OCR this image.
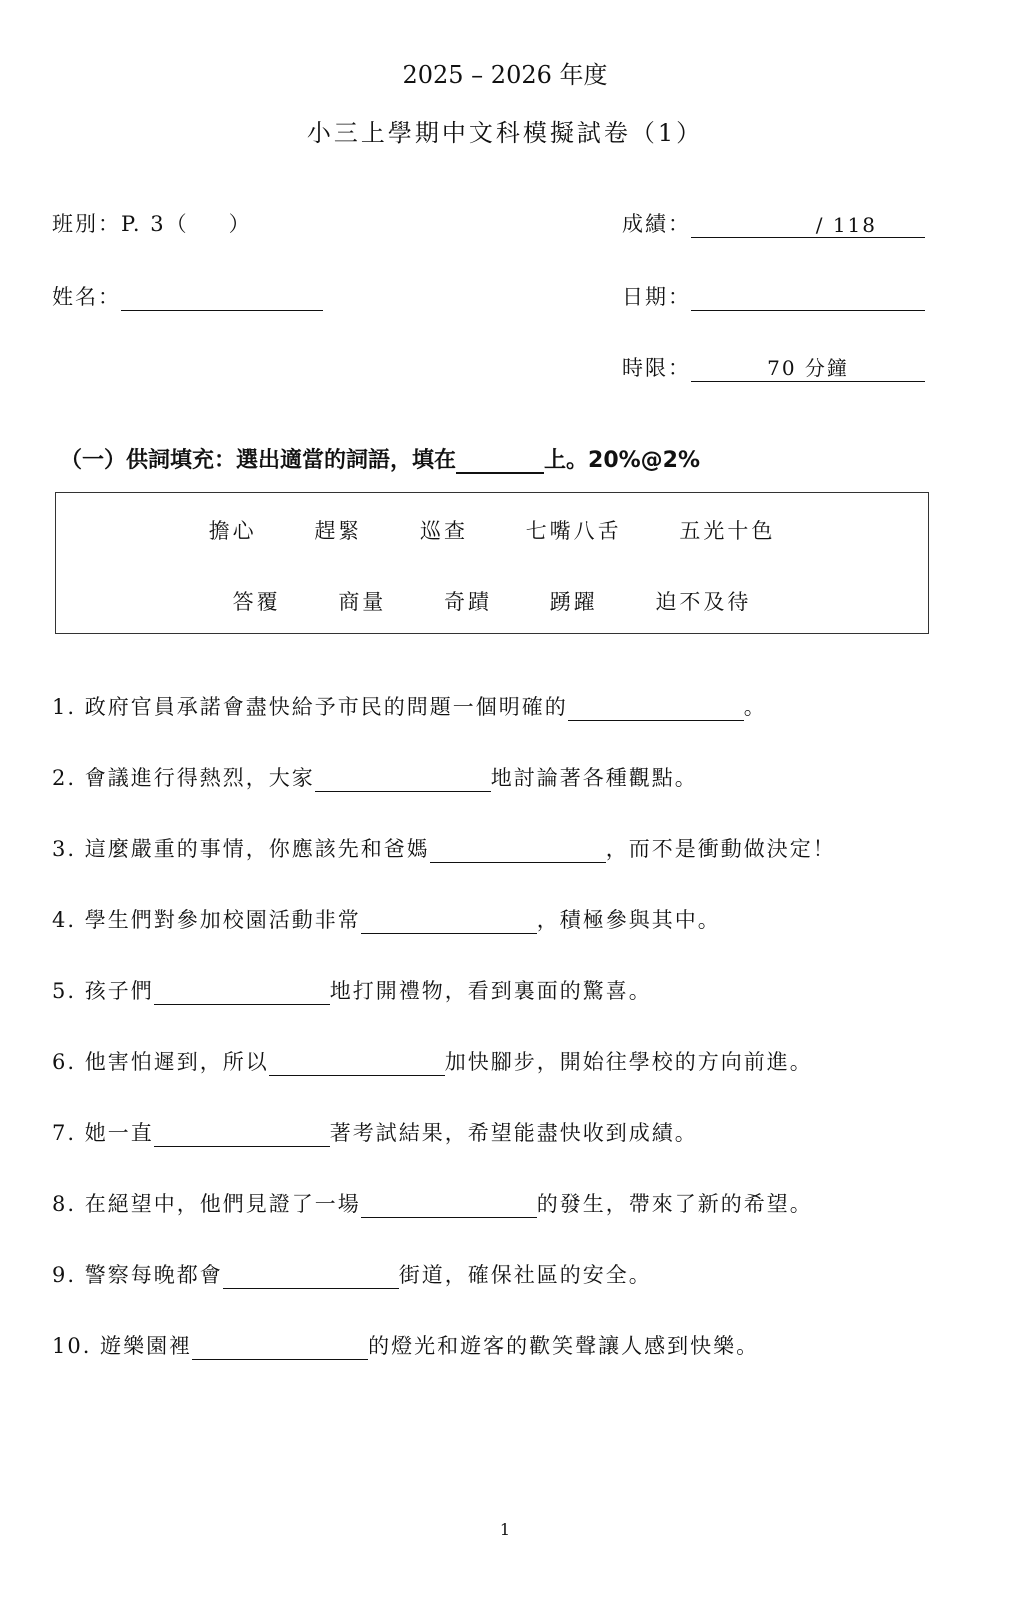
2025 – 2026 年度
小三上學期中文科模擬試卷（1）
班別：P. 3（ ）	成績：	/ 118
姓名：	日期：
時限：	70 分鐘
（一）供詞填充：選出適當的詞語，填在	上。20%@2%
擔心	趕緊	巡查	七嘴八舌	五光十色
答覆	商量	奇蹟	踴躍	迫不及待
1. 政府官員承諾會盡快給予市民的問題一個明確的	。
2. 會議進行得熱烈，大家	地討論著各種觀點。
3. 這麼嚴重的事情，你應該先和爸媽	，而不是衝動做決定！
4. 學生們對參加校園活動非常	，積極參與其中。
5. 孩子們	地打開禮物，看到裏面的驚喜。
6. 他害怕遲到，所以	加快腳步，開始往學校的方向前進。
7. 她一直	著考試結果，希望能盡快收到成績。
8. 在絕望中，他們見證了一場	的發生，帶來了新的希望。
9. 警察每晚都會	街道，確保社區的安全。
10. 遊樂園裡	的燈光和遊客的歡笑聲讓人感到快樂。
1
